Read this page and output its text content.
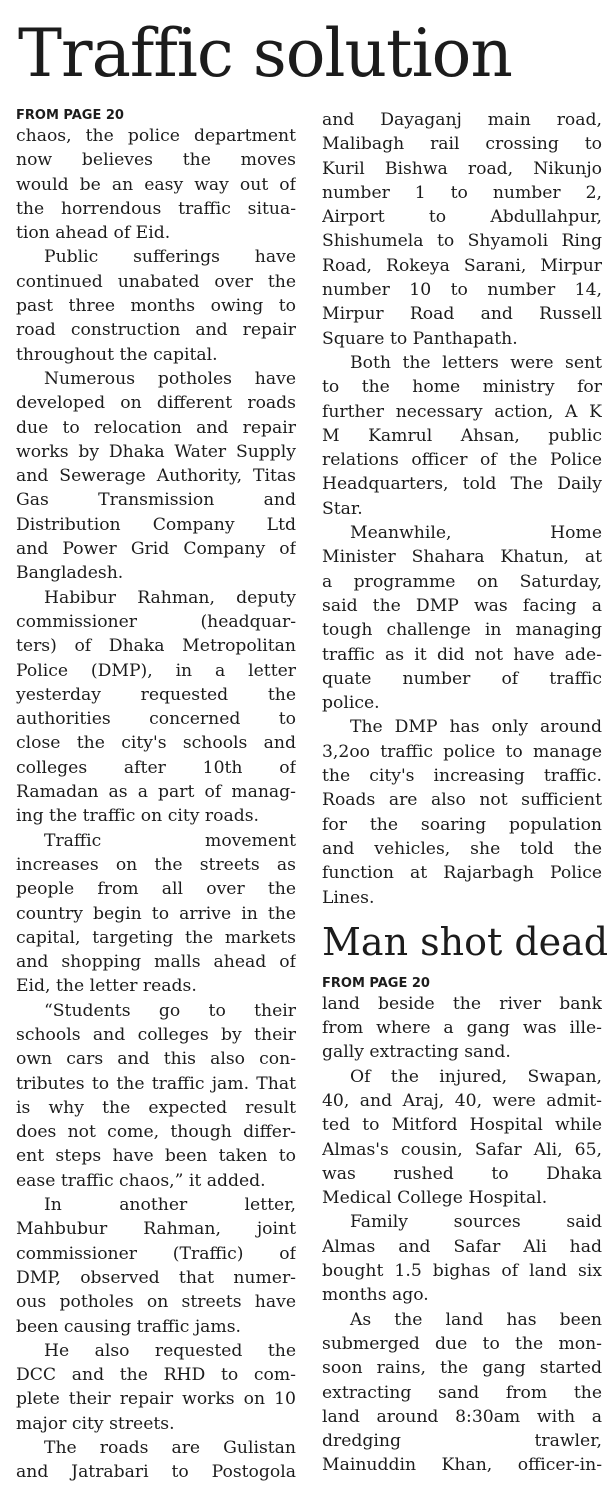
Traffic solution
FROM PAGE 20
chaos, the police department
now believes the moves
would be an easy way out of
the horrendous traffic situa-
tion ahead of Eid.
Public sufferings have
continued unabated over the
past three months owing to
road construction and repair
throughout the capital.
Numerous potholes have
developed on different roads
due to relocation and repair
works by Dhaka Water Supply
and Sewerage Authority, Titas
Gas Transmission and
Distribution Company Ltd
and Power Grid Company of
Bangladesh.
Habibur Rahman, deputy
commissioner (headquar-
ters) of Dhaka Metropolitan
Police (DMP), in a letter
yesterday requested the
authorities concerned to
close the city's schools and
colleges after 10th of
Ramadan as a part of manag-
ing the traffic on city roads.
Traffic movement
increases on the streets as
people from all over the
country begin to arrive in the
capital, targeting the markets
and shopping malls ahead of
Eid, the letter reads.
“Students go to their
schools and colleges by their
own cars and this also con-
tributes to the traffic jam. That
is why the expected result
does not come, though differ-
ent steps have been taken to
ease traffic chaos,” it added.
In another letter,
Mahbubur Rahman, joint
commissioner (Traffic) of
DMP, observed that numer-
ous potholes on streets have
been causing traffic jams.
He also requested the
DCC and the RHD to com-
plete their repair works on 10
major city streets.
The roads are Gulistan
and Jatrabari to Postogola
and Dayaganj main road,
Malibagh rail crossing to
Kuril Bishwa road, Nikunjo
number 1 to number 2,
Airport to Abdullahpur,
Shishumela to Shyamoli Ring
Road, Rokeya Sarani, Mirpur
number 10 to number 14,
Mirpur Road and Russell
Square to Panthapath.
Both the letters were sent
to the home ministry for
further necessary action, A K
M Kamrul Ahsan, public
relations officer of the Police
Headquarters, told The Daily
Star.
Meanwhile, Home
Minister Shahara Khatun, at
a programme on Saturday,
said the DMP was facing a
tough challenge in managing
traffic as it did not have ade-
quate number of traffic
police.
The DMP has only around
3,2oo traffic police to manage
the city's increasing traffic.
Roads are also not sufficient
for the soaring population
and vehicles, she told the
function at Rajarbagh Police
Lines.
Man shot dead
FROM PAGE 20
land beside the river bank
from where a gang was ille-
gally extracting sand.
Of the injured, Swapan,
40, and Araj, 40, were admit-
ted to Mitford Hospital while
Almas's cousin, Safar Ali, 65,
was rushed to Dhaka
Medical College Hospital.
Family sources said
Almas and Safar Ali had
bought 1.5 bighas of land six
months ago.
As the land has been
submerged due to the mon-
soon rains, the gang started
extracting sand from the
land around 8:30am with a
dredging trawler,
Mainuddin Khan, officer-in-
